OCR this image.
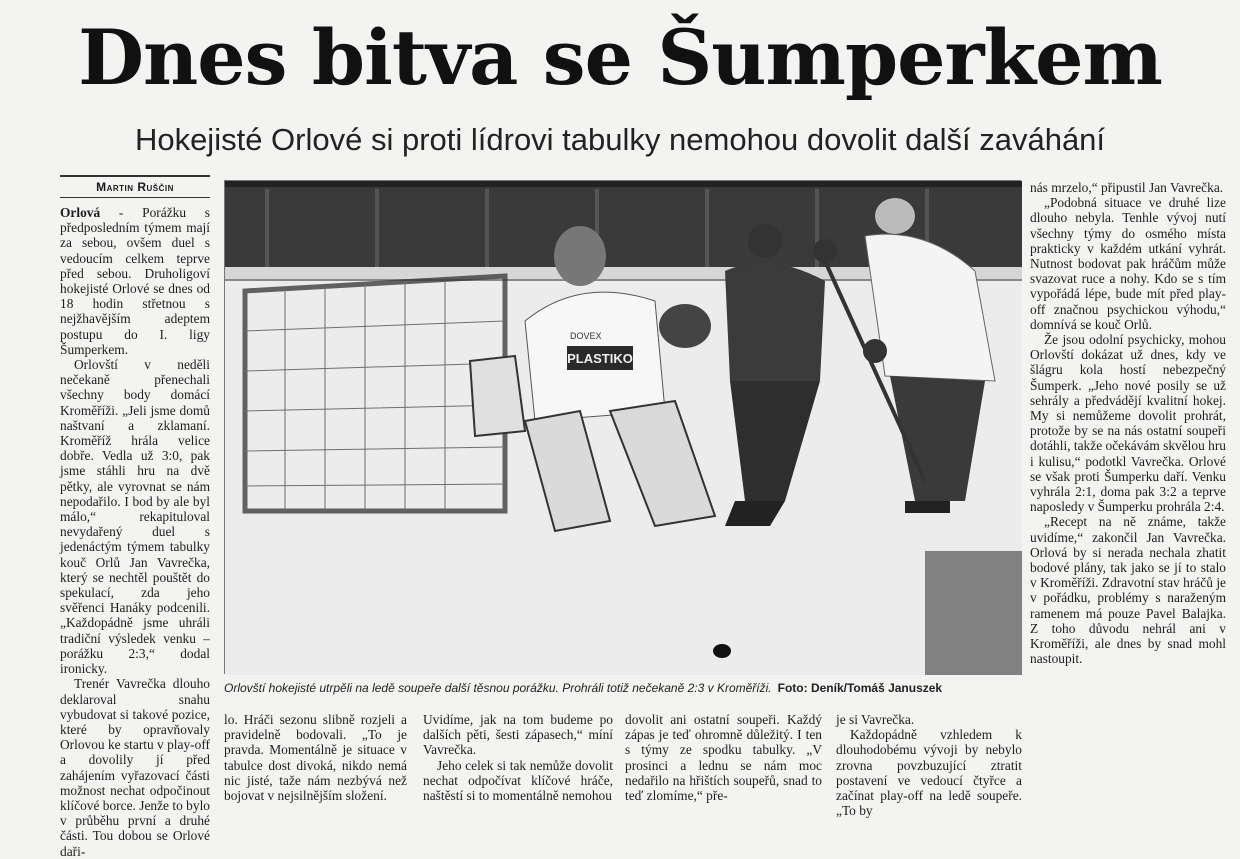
Dnes bitva se Šumperkem
Hokejisté Orlové si proti lídrovi tabulky nemohou dovolit další zaváhání
Martin Ruščin

Orlová - Porážku s předposledním týmem mají za sebou, ovšem duel s vedoucím celkem teprve před sebou. Druholigoví hokejisté Orlové se dnes od 18 hodin střetnou s nejžhavějším adeptem postupu do I. ligy Šumperkem.

Orlovští v neděli nečekaně přenechali všechny body domácí Kroměříži. „Jeli jsme domů naštvaní a zklamaní. Kroměříž hrála velice dobře. Vedla už 3:0, pak jsme stáhli hru na dvě pětky, ale vyrovnat se nám nepodařilo. I bod by ale byl málo,“ rekapituloval nevydařený duel s jedenáctým týmem tabulky kouč Orlů Jan Vavrečka, který se nechtěl pouštět do spekulací, zda jeho svěřenci Hanáky podcenili. „Každopádně jsme uhráli tradiční výsledek venku – porážku 2:3,“ dodal ironicky.

Trenér Vavrečka dlouho deklaroval snahu vybudovat si takové pozice, které by opravňovaly Orlovou ke startu v play-off a dovolily jí před zahájením vyřazovací části možnost nechat odpočinout klíčové borce. Jenže to bylo v průběhu první a druhé části. Tou dobou se Orlové daři-

PLASTIKO
DOVEX
Orlovští hokejisté utrpěli na ledě soupeře další těsnou porážku. Prohráli totiž nečekaně 2:3 v Kroměříži. Foto: Deník/Tomáš Januszek

lo. Hráči sezonu slibně rozjeli a pravidelně bodovali. „To je pravda. Momentálně je situace v tabulce dost divoká, nikdo nemá nic jisté, taže nám nezbývá než bojovat v nejsilnějším složení.

Uvidíme, jak na tom budeme po dalších pěti, šesti zápasech,“ míní Vavrečka.

Jeho celek si tak nemůže dovolit nechat odpočívat klíčové hráče, naštěstí si to momentálně nemohou

dovolit ani ostatní soupeři. Každý zápas je teď ohromně důležitý. I ten s týmy ze spodku tabulky. „V prosinci a lednu se nám moc nedařilo na hřištích soupeřů, snad to teď zlomíme,“ pře-

je si Vavrečka.

Každopádně vzhledem k dlouhodobému vývoji by nebylo zrovna povzbuzující ztratit postavení ve vedoucí čtyřce a začínat play-off na ledě soupeře. „To by

nás mrzelo,“ připustil Jan Vavrečka.

„Podobná situace ve druhé lize dlouho nebyla. Tenhle vývoj nutí všechny týmy do osmého místa prakticky v každém utkání vyhrát. Nutnost bodovat pak hráčům může svazovat ruce a nohy. Kdo se s tím vypořádá lépe, bude mít před play-off značnou psychickou výhodu,“ domnívá se kouč Orlů.

Že jsou odolní psychicky, mohou Orlovští dokázat už dnes, kdy ve šlágru kola hostí nebezpečný Šumperk. „Jeho nové posily se už sehrály a předvádějí kvalitní hokej. My si nemůžeme dovolit prohrát, protože by se na nás ostatní soupeři dotáhli, takže očekávám skvělou hru i kulisu,“ podotkl Vavrečka. Orlové se však proti Šumperku daří. Venku vyhrála 2:1, doma pak 3:2 a teprve naposledy v Šumperku prohrála 2:4.

„Recept na ně známe, takže uvidíme,“ zakončil Jan Vavrečka. Orlová by si nerada nechala zhatit bodové plány, tak jako se jí to stalo v Kroměříži. Zdravotní stav hráčů je v pořádku, problémy s naraženým ramenem má pouze Pavel Balajka. Z toho důvodu nehrál ani v Kroměříži, ale dnes by snad mohl nastoupit.
